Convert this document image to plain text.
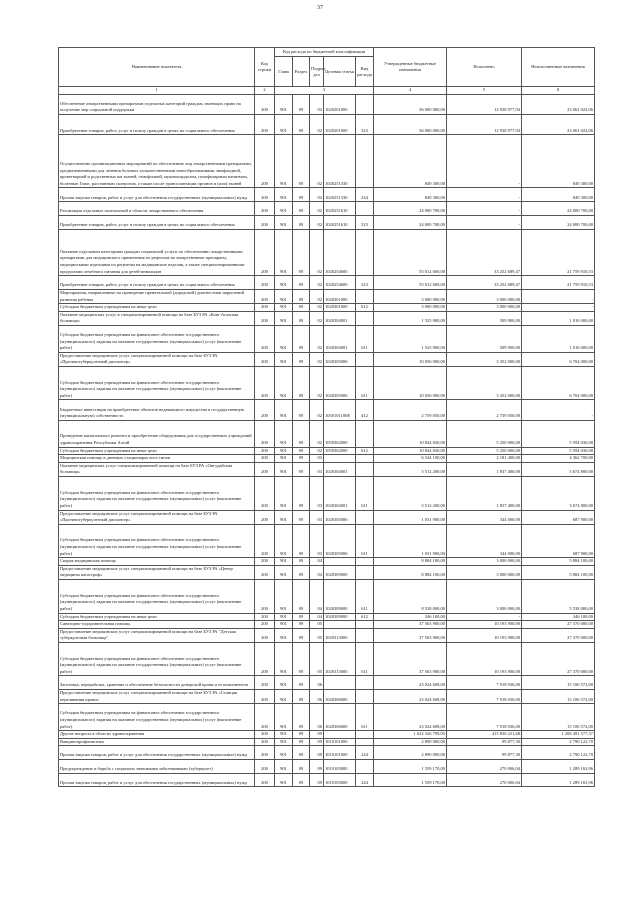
37
Наименование показателя	Код строки	Код расхода по бюджетной классификации					Утвержденные бюджетные назначения	Исполнено	Неисполненные назначения
		Глава	Раздел	Подраз-дел	Целевая статья	Вид расхода			
1	2	3					4	5	6
Обеспечение лекарственными препаратами отдельных категорий граждан, имеющих право на получение мер социальной поддержки	200	901	09	02	1020201000		36 000 000,00	12 938 977,94	23 061 022,06
Приобретение товаров, работ, услуг в пользу граждан в целях их социального обеспечения	200	901	09	02	1020201000	323	36 000 000,00	12 938 977,94	23 061 022,06
Осуществление организационных мероприятий по обеспечению лиц лекарственными препаратами, предназначенными для лечения больных злокачественными новообразованиями лимфоидной, кроветворной и родственных им тканей, гемофилией, муковисцидозом, гипофизарным нанизмом, болезнью Гоше, рассеянным склерозом, а также после трансплантации органов и (или) тканей	200	901	09	02	1020251330		849 300,00	-	849 300,00
Прочая закупка товаров, работ и услуг для обеспечения государственных (муниципальных) нужд	200	901	09	02	1020251330	244	849 300,00	-	849 300,00
Реализация отдельных полномочий в области лекарственного обеспечения	200	901	09	02	1020251610		24 000 700,00	-	24 000 700,00
Приобретение товаров, работ, услуг в пользу граждан в целях их социального обеспечения	200	901	09	02	1020251610	323	24 000 700,00	-	24 000 700,00
Оказание отдельным категориям граждан социальной услуги по обеспечению лекарственными препаратами для медицинского применения по рецептам на лекарственные препараты, медицинскими изделиями по рецептам на медицинские изделия, а также специализированными продуктами лечебного питания для детей-инвалидов	200	901	09	02	1020254600		55 012 600,00	33 252 689,47	21 759 910,53
Приобретение товаров, работ, услуг в пользу граждан в целях их социального обеспечения	200	901	09	02	1020254600	323	55 012 600,00	33 252 689,47	21 759 910,53
Мероприятия, направленные на проведение пренатальной (дородовой) диагностики нарушений развития ребенка	200	901	09	02	1020301000		3 000 000,00	3 000 000,00	-
Субсидии бюджетным учреждениям на иные цели	200	901	09	02	1020301000	612	3 000 000,00	3 000 000,00	-
Оказание медицинских услуг в специализированной помощи на базе БУЗ РА «Кош-Агачская больница»	200	901	09	02	1020304001		1 525 900,00	509 900,00	1 016 000,00
Субсидии бюджетным учреждениям на финансовое обеспечение государственного (муниципального) задания на оказание государственных (муниципальных) услуг (выполнение работ)	200	901	09	02	1020304001	611	1 525 900,00	509 900,00	1 016 000,00
Предоставление медицинских услуг специализированной помощи на базе БУЗ РА «Противотуберкулезный диспансер»	200	901	09	02	1020305006		10 056 000,00	3 352 000,00	6 704 000,00
Субсидии бюджетным учреждениям на финансовое обеспечение государственного (муниципального) задания на оказание государственных (муниципальных) услуг (выполнение работ)	200	901	09	02	1020305006	611	10 056 000,00	3 352 000,00	6 704 000,00
Бюджетные инвестиции на приобретение объектов недвижимого имущества в государственную (муниципальную) собственность	200	901	09	02	1050101100Е	412	2 759 050,00	2 759 050,00	-
Проведение капитального ремонта и приобретение оборудования для государственных учреждений здравоохранения Республики Алтай	200	901	09	02	1050302000		10 844 030,00	5 250 000,00	5 594 030,00
Субсидии бюджетным учреждениям на иные цели	200	901	09	02	1050302000	612	10 844 030,00	5 250 000,00	5 594 030,00
Медицинская помощь в дневных стационарах всех типов	200	901	09	03			6 544 100,00	2 181 400,00	4 362 700,00
Оказание медицинских услуг специализированной помощи на базе БУЗ РА «Онгудайская больница»	200	901	09	03	1020304001		5 512 200,00	1 837 400,00	3 674 800,00
Субсидии бюджетным учреждениям на финансовое обеспечение государственного (муниципального) задания на оказание государственных (муниципальных) услуг (выполнение работ)	200	901	09	03	1020304001	611	5 512 200,00	1 837 400,00	3 674 800,00
Предоставление медицинских услуг специализированной помощи на базе БУЗ РА «Противотуберкулезный диспансер»	200	901	09	03	1020305006		1 031 900,00	344 000,00	687 900,00
Субсидии бюджетным учреждениям на финансовое обеспечение государственного (муниципального) задания на оказание государственных (муниципальных) услуг (выполнение работ)	200	901	09	03	1020305006	611	1 031 900,00	344 000,00	687 900,00
Скорая медицинская помощь	200	901	09	04			8 884 100,00	3 000 000,00	5 884 100,00
Предоставление медицинских услуг специализированной помощи на базе БУЗ РА «Центр медицины катастроф»	200	901	09	04	1020309000		8 884 100,00	3 000 000,00	5 884 100,00
Субсидии бюджетным учреждениям на финансовое обеспечение государственного (муниципального) задания на оказание государственных (муниципальных) услуг (выполнение работ)	200	901	09	04	1020309000	611	8 538 000,00	3 000 000,00	5 538 000,00
Субсидии бюджетным учреждениям на иные цели	200	901	09	04	1020309000	612	346 100,00	-	346 100,00
Санаторно-оздоровительная помощь	200	901	09	05			37 563 900,00	10 193 900,00	27 370 000,00
Предоставление медицинских услуг специализированной помощи на базе БУЗ РА "Детская туберкулезная больница"	200	901	09	05	1020313000		37 563 900,00	10 193 900,00	27 370 000,00
Субсидии бюджетным учреждениям на финансовое обеспечение государственного (муниципального) задания на оказание государственных (муниципальных) услуг (выполнение работ)	200	901	09	05	1020313000	611	37 563 900,00	10 193 900,00	27 370 000,00
Заготовка, переработка, хранение и обеспечение безопасности донорской крови и ее компонентов	200	901	09	06			23 024 608,00	7 918 036,00	15 106 572,00
Предоставление медицинских услуг специализированной помощи на базе БУЗ РА «Станция переливания крови»	200	901	09	06	1020306000		23 024 608,00	7 918 036,00	15 106 572,00
Субсидии бюджетным учреждениям на финансовое обеспечение государственного (муниципального) задания на оказание государственных (муниципальных) услуг (выполнение работ)	200	901	09	06	1020306000	611	23 024 608,00	7 918 036,00	15 106 572,00
Другие вопросы в области здравоохранения	200	901	09	09			1 622 326 799,05	415 830 221,68	1 206 491 577,37
Вакцинопрофилактика	200	901	09	09	1010101000		2 890 000,00	99 877,30	2 790 122,70
Прочая закупка товаров, работ и услуг для обеспечения государственных (муниципальных) нужд	200	901	09	09	1010101000	244	2 890 000,00	99 877,30	2 790 122,70
Предупреждение и борьба с социально значимыми заболеваниями (туберкулез)	200	901	09	09	1010103000		1 559 170,00	270 006,04	1 289 163,96
Прочая закупка товаров, работ и услуг для обеспечения государственных (муниципальных) нужд	200	901	09	09	1010103000	244	1 559 170,00	270 006,04	1 289 163,96
